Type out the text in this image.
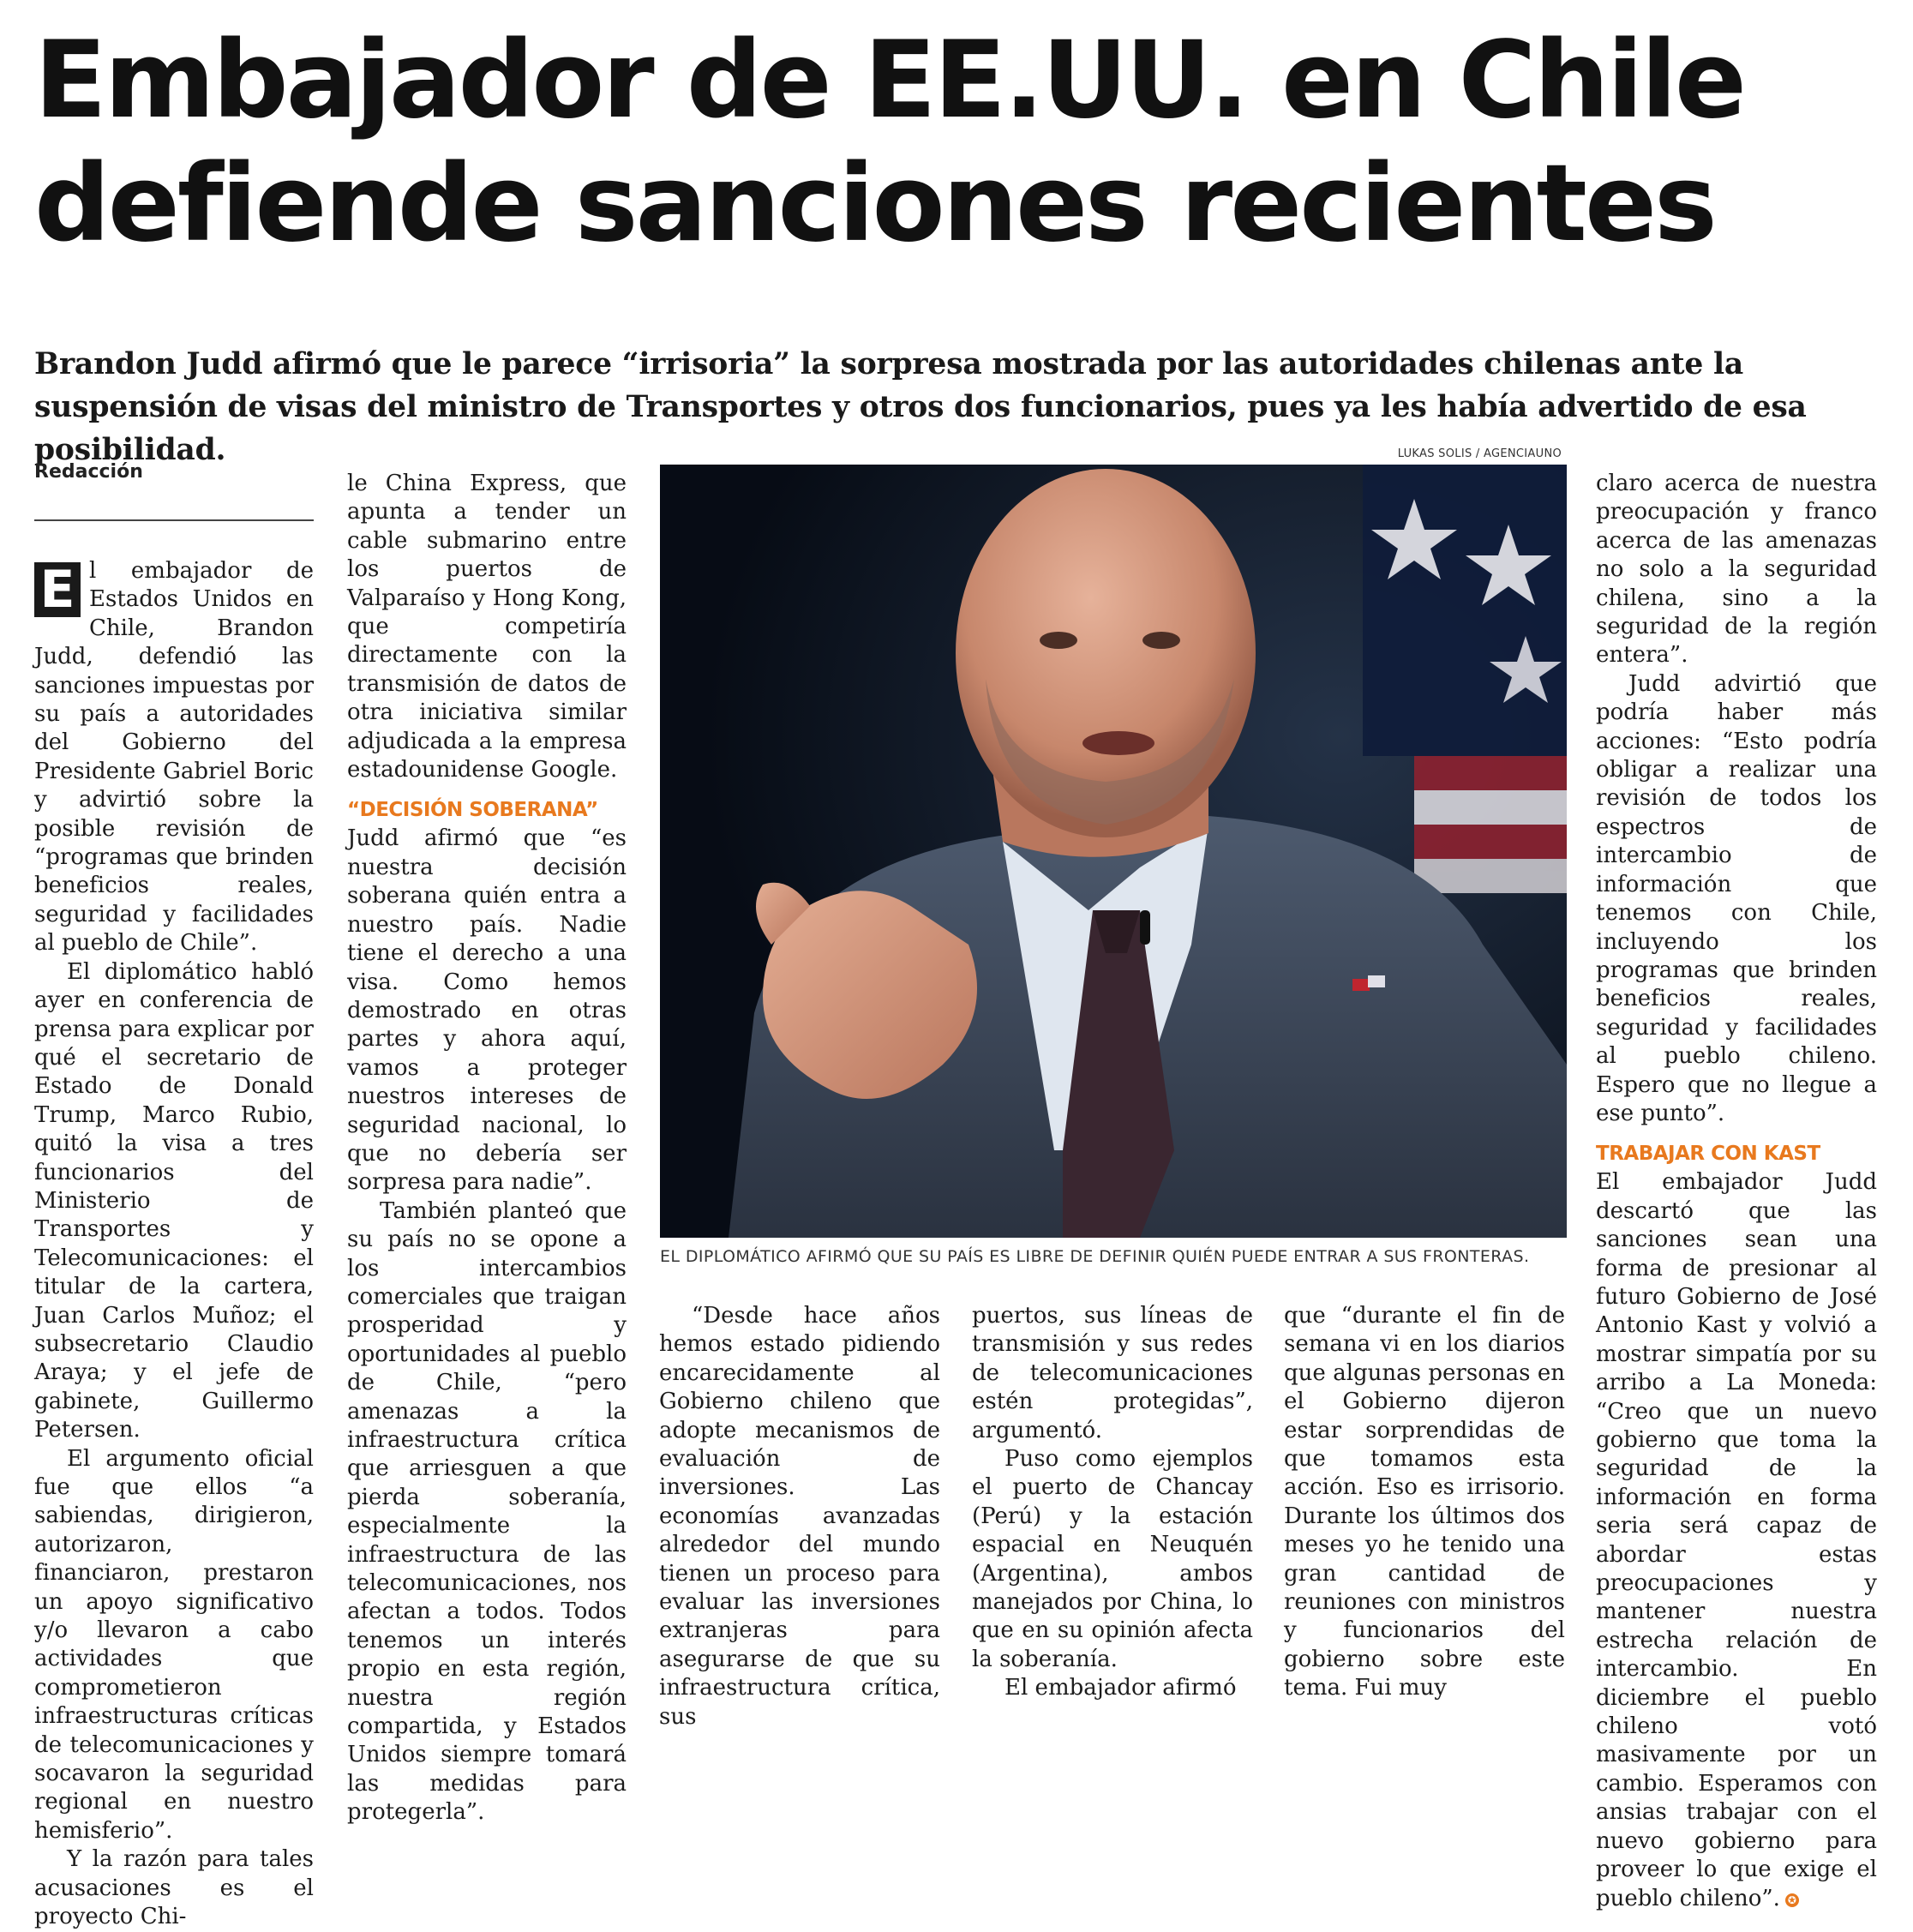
Embajador de EE.UU. en Chile
defiende sanciones recientes
Brandon Judd afirmó que le parece “irrisoria” la sorpresa mostrada por las autoridades chilenas ante la suspensión de visas del ministro de Transportes y otros dos funcionarios, pues ya les había advertido de esa posibilidad.
Redacción

E l embajador de Estados Unidos en Chile, Brandon Judd, defendió las sanciones impuestas por su país a autoridades del Gobierno del Presidente Gabriel Boric y advirtió sobre la posible revisión de “programas que brinden beneficios reales, seguridad y facilidades al pueblo de Chile”.

El diplomático habló ayer en conferencia de prensa para explicar por qué el secretario de Estado de Donald Trump, Marco Rubio, quitó la visa a tres funcionarios del Ministerio de Transportes y Telecomunicaciones: el titular de la cartera, Juan Carlos Muñoz; el subsecretario Claudio Araya; y el jefe de gabinete, Guillermo Petersen.

El argumento oficial fue que ellos “a sabiendas, dirigieron, autorizaron, financiaron, prestaron un apoyo significativo y/o llevaron a cabo actividades que comprometieron infraestructuras críticas de telecomunicaciones y socavaron la seguridad regional en nuestro hemisferio”.

Y la razón para tales acusaciones es el proyecto Chi-

le China Express, que apunta a tender un cable submarino entre los puertos de Valparaíso y Hong Kong, que competiría directamente con la transmisión de datos de otra iniciativa similar adjudicada a la empresa estadounidense Google.

“DECISIÓN SOBERANA”

Judd afirmó que “es nuestra decisión soberana quién entra a nuestro país. Nadie tiene el derecho a una visa. Como hemos demostrado en otras partes y ahora aquí, vamos a proteger nuestros intereses de seguridad nacional, lo que no debería ser sorpresa para nadie”.

También planteó que su país no se opone a los intercambios comerciales que traigan prosperidad y oportunidades al pueblo de Chile, “pero amenazas a la infraestructura crítica que arriesguen a que pierda soberanía, especialmente la infraestructura de las telecomunicaciones, nos afectan a todos. Todos tenemos un interés propio en esta región, nuestra región compartida, y Estados Unidos siempre tomará las medidas para protegerla”.

LUKAS SOLIS / AGENCIAUNO
EL DIPLOMÁTICO AFIRMÓ QUE SU PAÍS ES LIBRE DE DEFINIR QUIÉN PUEDE ENTRAR A SUS FRONTERAS.

“Desde hace años hemos estado pidiendo encarecidamente al Gobierno chileno que adopte mecanismos de evaluación de inversiones. Las economías avanzadas alrededor del mundo tienen un proceso para evaluar las inversiones extranjeras para asegurarse de que su infraestructura crítica, sus

puertos, sus líneas de transmisión y sus redes de telecomunicaciones estén protegidas”, argumentó.

Puso como ejemplos el puerto de Chancay (Perú) y la estación espacial en Neuquén (Argentina), ambos manejados por China, lo que en su opinión afecta la soberanía.

El embajador afirmó

que “durante el fin de semana vi en los diarios que algunas personas en el Gobierno dijeron estar sorprendidas de que tomamos esta acción. Eso es irrisorio. Durante los últimos dos meses yo he tenido una gran cantidad de reuniones con ministros y funcionarios del gobierno sobre este tema. Fui muy

claro acerca de nuestra preocupación y franco acerca de las amenazas no solo a la seguridad chilena, sino a la seguridad de la región entera”.

Judd advirtió que podría haber más acciones: “Esto podría obligar a realizar una revisión de todos los espectros de intercambio de información que tenemos con Chile, incluyendo los programas que brinden beneficios reales, seguridad y facilidades al pueblo chileno. Espero que no llegue a ese punto”.

TRABAJAR CON KAST

El embajador Judd descartó que las sanciones sean una forma de presionar al futuro Gobierno de José Antonio Kast y volvió a mostrar simpatía por su arribo a La Moneda: “Creo que un nuevo gobierno que toma la seguridad de la información en forma seria será capaz de abordar estas preocupaciones y mantener nuestra estrecha relación de intercambio. En diciembre el pueblo chileno votó masivamente por un cambio. Esperamos con ansias trabajar con el nuevo gobierno para proveer lo que exige el pueblo chileno”. ✪
